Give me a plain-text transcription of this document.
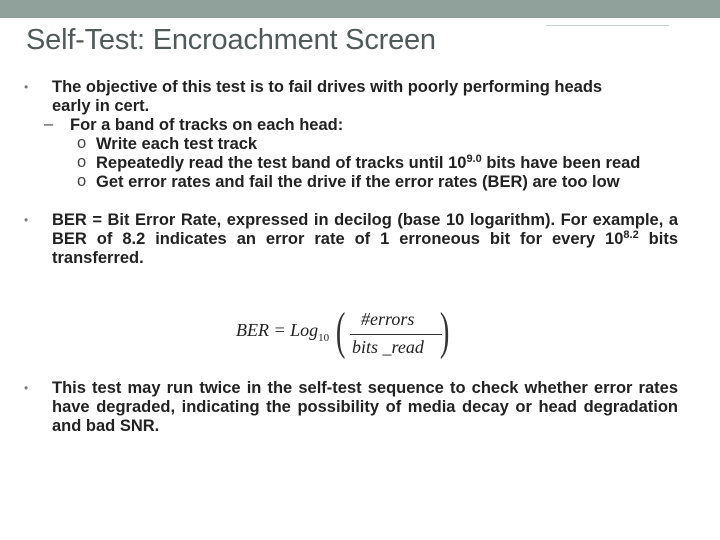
Self-Test: Encroachment Screen
• The objective of this test is to fail drives with poorly performing heads
early in cert.
– For a band of tracks on each head:
o Write each test track
o Repeatedly read the test band of tracks until $10^{9.0}$ bits have been read
o Get error rates and fail the drive if the error rates (BER) are too low
• BER = Bit Error Rate, expressed in decilog (base 10 logarithm). For example, a BER of 8.2 indicates an error rate of 1 erroneous bit for every $10^{8.2}$ bits transferred.
BER = Log$_{10}$ ( #errors
bits _read )
• This test may run twice in the self-test sequence to check whether error rates have degraded, indicating the possibility of media decay or head degradation and bad SNR.
